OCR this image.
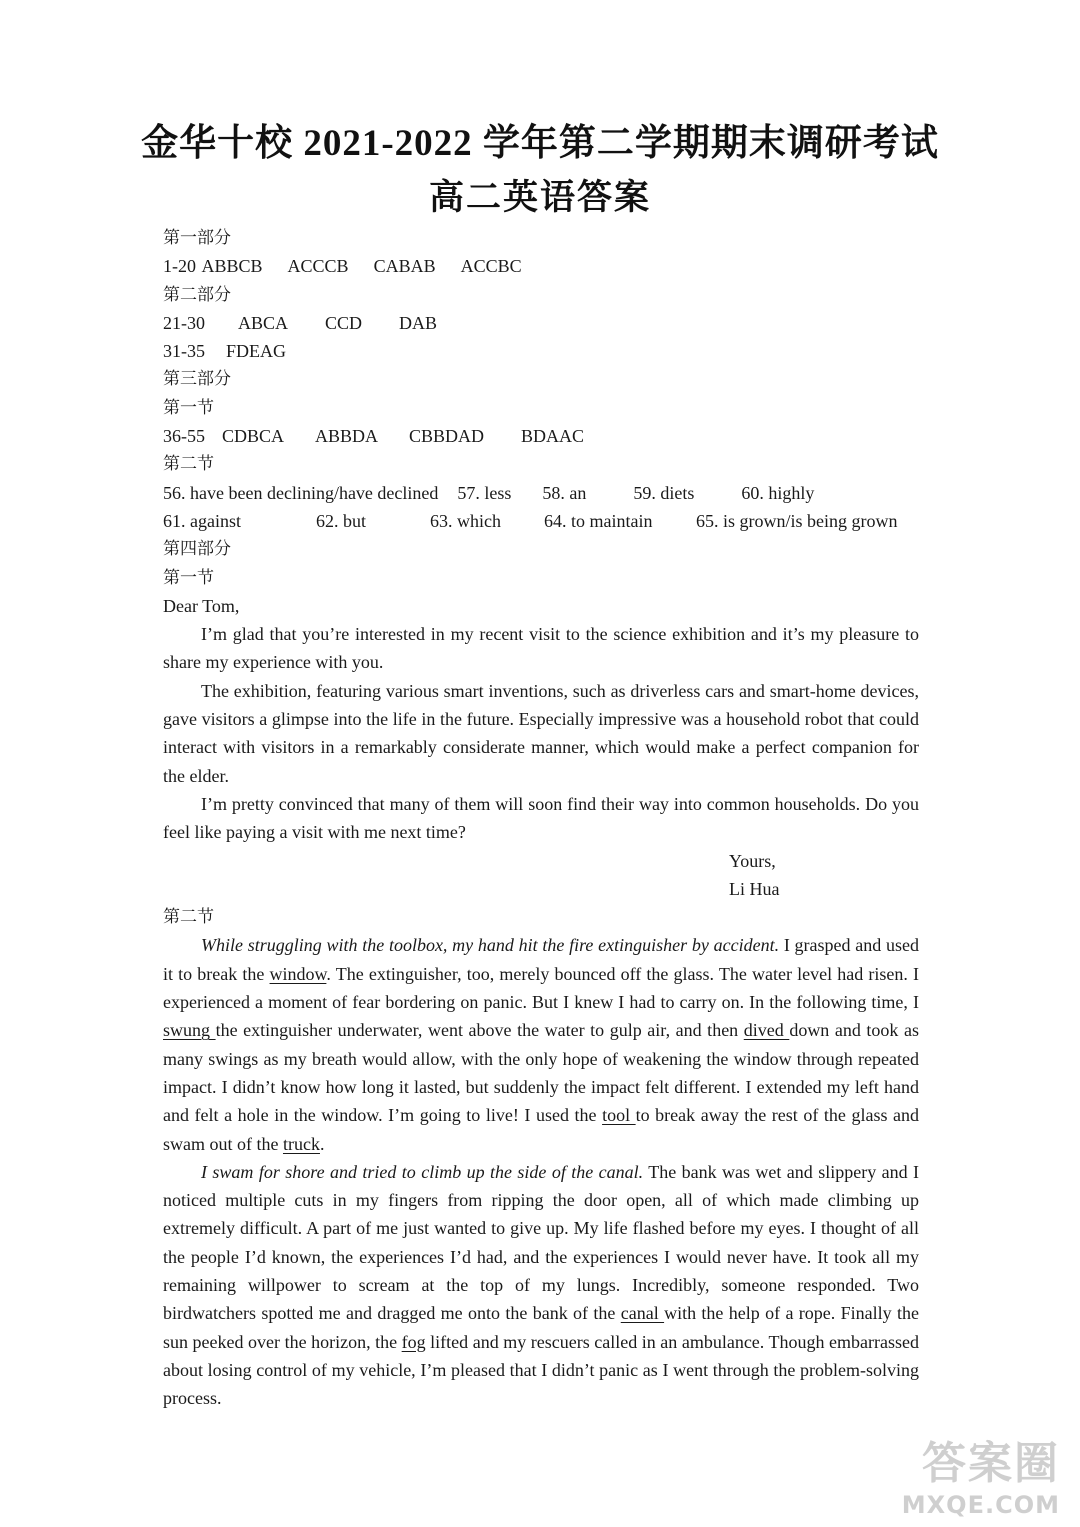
金华十校 2021-2022 学年第二学期期末调研考试
高二英语答案
第一部分
1-20 ABBCB ACCCB CABAB ACCBC
第二部分
21-30 ABCA CCD DAB
31-35 FDEAG
第三部分
第一节
36-55 CDBCA ABBDA CBBDAD BDAAC
第二节
56. have been declining/have declined 57. less 58. an	59. diets	60. highly
61. against	62. but	63. which 64. to maintain 65. is grown/is being grown
第四部分
第一节
Dear Tom,

I’m glad that you’re interested in my recent visit to the science exhibition and it’s my pleasure to share my experience with you.

The exhibition, featuring various smart inventions, such as driverless cars and smart-home devices, gave visitors a glimpse into the life in the future. Especially impressive was a household robot that could interact with visitors in a remarkably considerate manner, which would make a perfect companion for the elder.

I’m pretty convinced that many of them will soon find their way into common households. Do you feel like paying a visit with me next time?

Yours,
Li Hua
第二节

While struggling with the toolbox, my hand hit the fire extinguisher by accident. I grasped and used it to break the window. The extinguisher, too, merely bounced off the glass. The water level had risen. I experienced a moment of fear bordering on panic. But I knew I had to carry on. In the following time, I swung the extinguisher underwater, went above the water to gulp air, and then dived down and took as many swings as my breath would allow, with the only hope of weakening the window through repeated impact. I didn’t know how long it lasted, but suddenly the impact felt different. I extended my left hand and felt a hole in the window. I’m going to live! I used the tool to break away the rest of the glass and swam out of the truck.

I swam for shore and tried to climb up the side of the canal. The bank was wet and slippery and I noticed multiple cuts in my fingers from ripping the door open, all of which made climbing up extremely difficult. A part of me just wanted to give up. My life flashed before my eyes. I thought of all the people I’d known, the experiences I’d had, and the experiences I would never have. It took all my remaining willpower to scream at the top of my lungs. Incredibly, someone responded. Two birdwatchers spotted me and dragged me onto the bank of the canal with the help of a rope. Finally the sun peeked over the horizon, the fog lifted and my rescuers called in an ambulance. Though embarrassed about losing control of my vehicle, I’m pleased that I didn’t panic as I went through the problem-solving process.

答案圈
MXQE.COM
